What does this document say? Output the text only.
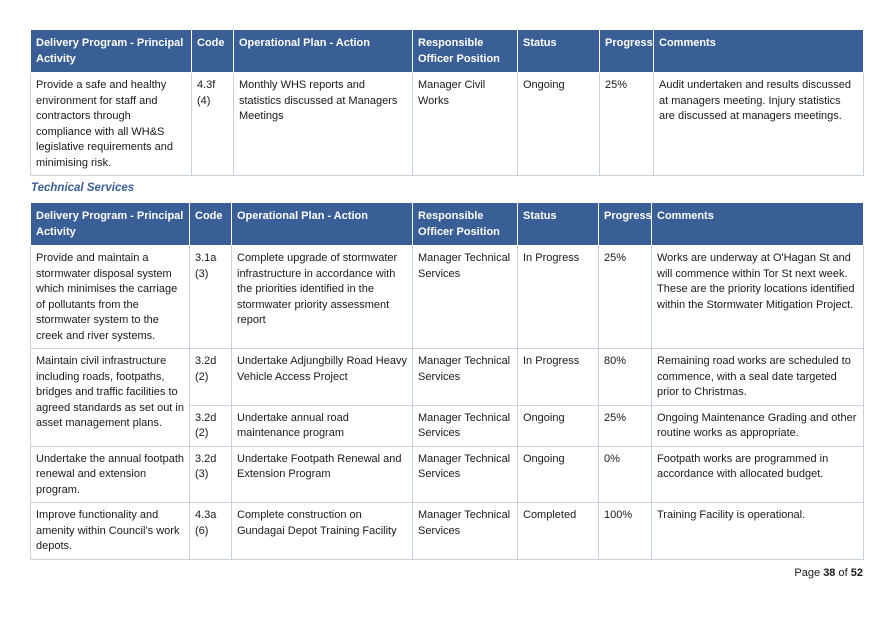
Delivery Program - Principal Activity	Code	Operational Plan - Action	Responsible Officer Position	Status	Progress	Comments
Provide a safe and healthy environment for staff and contractors through compliance with all WH&S legislative requirements and minimising risk.	4.3f (4)	Monthly WHS reports and statistics discussed at Managers Meetings	Manager Civil Works	Ongoing	25%	Audit undertaken and results discussed at managers meeting. Injury statistics are discussed at managers meetings.
Technical Services
Delivery Program - Principal Activity	Code	Operational Plan - Action	Responsible Officer Position	Status	Progress	Comments
Provide and maintain a stormwater disposal system which minimises the carriage of pollutants from the stormwater system to the creek and river systems.	3.1a (3)	Complete upgrade of stormwater infrastructure in accordance with the priorities identified in the stormwater priority assessment report	Manager Technical Services	In Progress	25%	Works are underway at O'Hagan St and will commence within Tor St next week. These are the priority locations identified within the Stormwater Mitigation Project.
Maintain civil infrastructure including roads, footpaths, bridges and traffic facilities to agreed standards as set out in asset management plans.	3.2d (2)	Undertake Adjungbilly Road Heavy Vehicle Access Project	Manager Technical Services	In Progress	80%	Remaining road works are scheduled to commence, with a seal date targeted prior to Christmas.
	3.2d (2)	Undertake annual road maintenance program	Manager Technical Services	Ongoing	25%	Ongoing Maintenance Grading and other routine works as appropriate.
Undertake the annual footpath renewal and extension program.	3.2d (3)	Undertake Footpath Renewal and Extension Program	Manager Technical Services	Ongoing	0%	Footpath works are programmed in accordance with allocated budget.
Improve functionality and amenity within Council’s work depots.	4.3a (6)	Complete construction on Gundagai Depot Training Facility	Manager Technical Services	Completed	100%	Training Facility is operational.
Page 38 of 52
